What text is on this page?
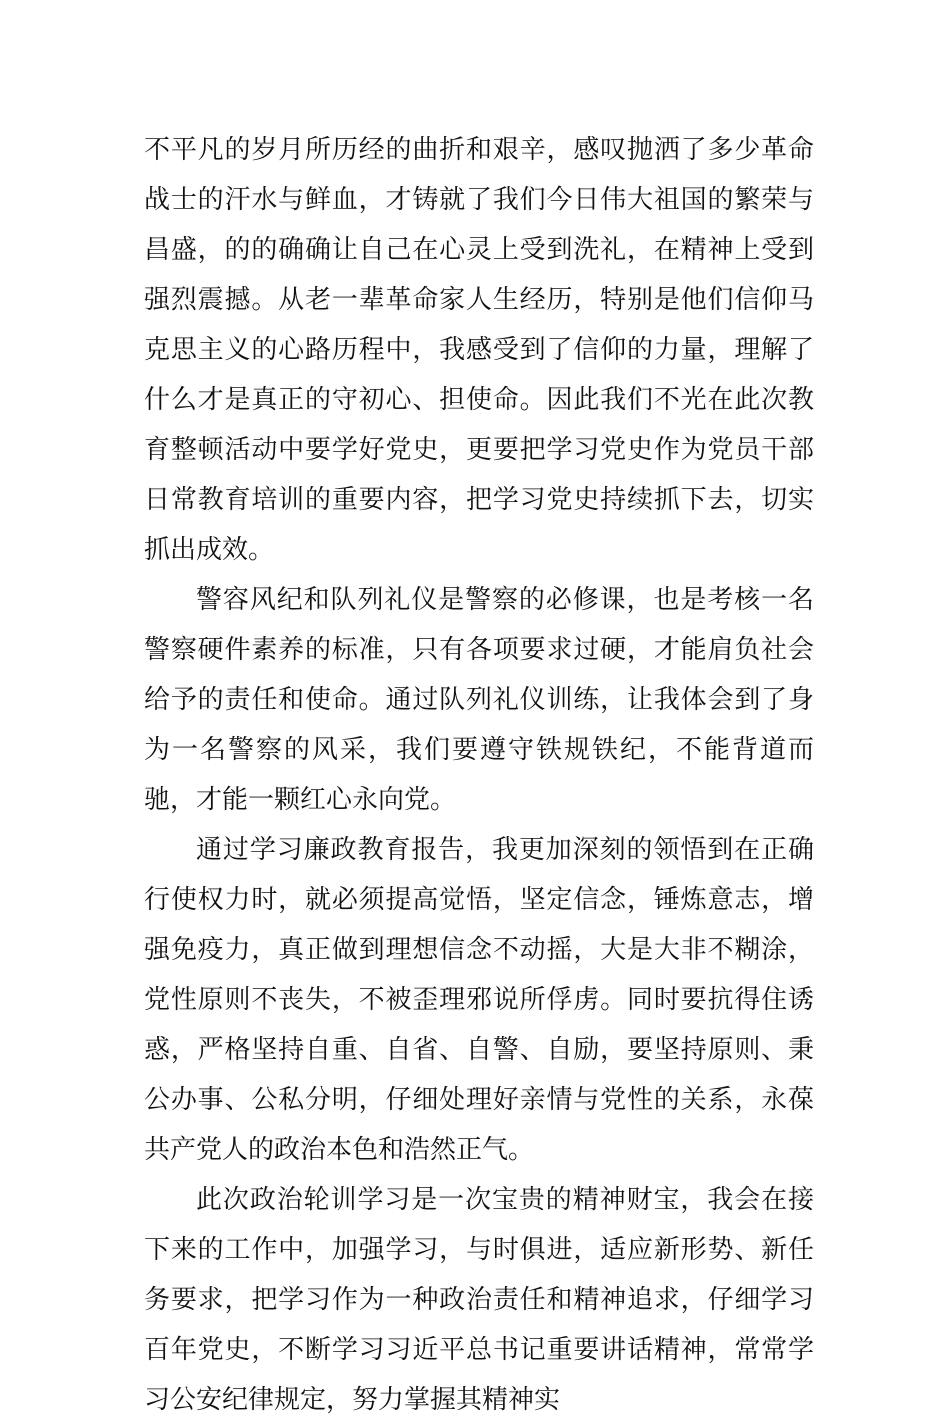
不平凡的岁月所历经的曲折和艰辛，感叹抛洒了多少革命战士的汗水与鲜血，才铸就了我们今日伟大祖国的繁荣与昌盛，的的确确让自己在心灵上受到洗礼，在精神上受到强烈震撼。从老一辈革命家人生经历，特别是他们信仰马克思主义的心路历程中，我感受到了信仰的力量，理解了什么才是真正的守初心、担使命。因此我们不光在此次教育整顿活动中要学好党史，更要把学习党史作为党员干部日常教育培训的重要内容，把学习党史持续抓下去，切实抓出成效。

警容风纪和队列礼仪是警察的必修课，也是考核一名警察硬件素养的标准，只有各项要求过硬，才能肩负社会给予的责任和使命。通过队列礼仪训练，让我体会到了身为一名警察的风采，我们要遵守铁规铁纪，不能背道而驰，才能一颗红心永向党。

通过学习廉政教育报告，我更加深刻的领悟到在正确行使权力时，就必须提高觉悟，坚定信念，锤炼意志，增强免疫力，真正做到理想信念不动摇，大是大非不糊涂，党性原则不丧失，不被歪理邪说所俘虏。同时要抗得住诱惑，严格坚持自重、自省、自警、自励，要坚持原则、秉公办事、公私分明，仔细处理好亲情与党性的关系，永葆共产党人的政治本色和浩然正气。

此次政治轮训学习是一次宝贵的精神财宝，我会在接下来的工作中，加强学习，与时俱进，适应新形势、新任务要求，把学习作为一种政治责任和精神追求，仔细学习百年党史，不断学习习近平总书记重要讲话精神，常常学习公安纪律规定，努力掌握其精神实
